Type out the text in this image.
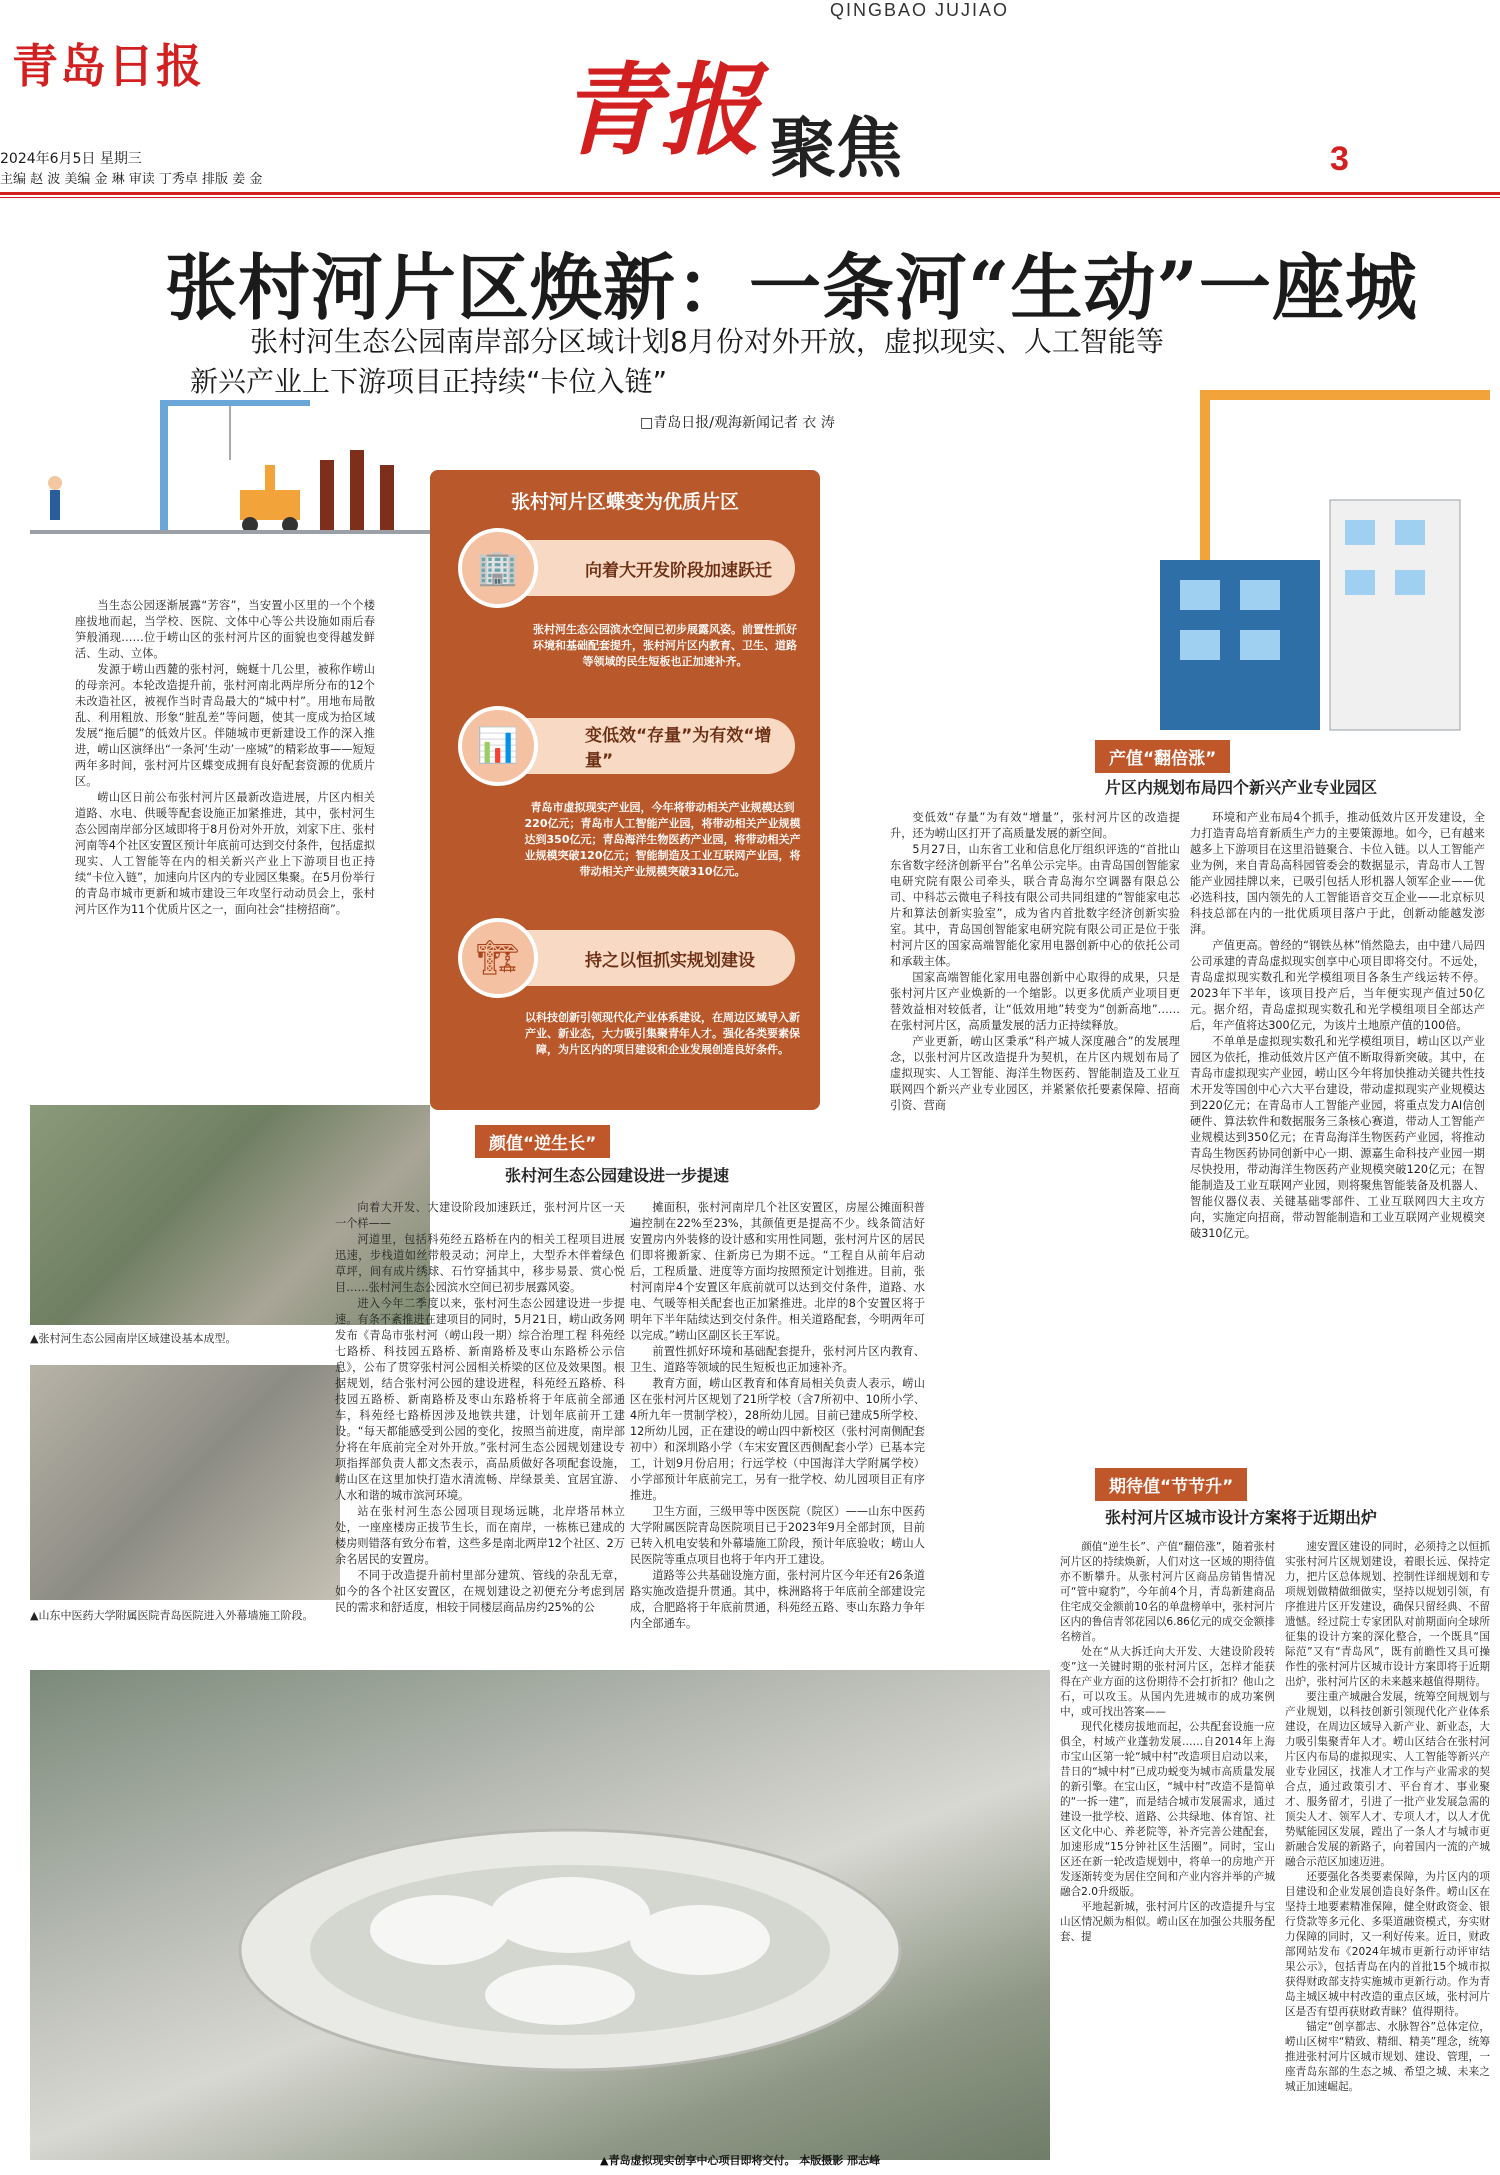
青岛日报
QINGBAO JUJIAO
青报 聚焦	3
2024年6月5日 星期三
主编 赵 波 美编 金 琳 审读 丁秀卓 排版 姜 金
张村河片区焕新：一条河“生动”一座城
张村河生态公园南岸部分区域计划8月份对外开放，虚拟现实、人工智能等
新兴产业上下游项目正持续“卡位入链”
□青岛日报/观海新闻记者 衣 涛

当生态公园逐渐展露“芳容”，当安置小区里的一个个楼座拔地而起，当学校、医院、文体中心等公共设施如雨后春笋般涌现……位于崂山区的张村河片区的面貌也变得越发鲜活、生动、立体。

发源于崂山西麓的张村河，蜿蜒十几公里，被称作崂山的母亲河。本轮改造提升前，张村河南北两岸所分布的12个未改造社区，被视作当时青岛最大的“城中村”。用地布局散乱、利用粗放、形象“脏乱差”等问题，使其一度成为拾区域发展“拖后腿”的低效片区。伴随城市更新建设工作的深入推进，崂山区演绎出“一条河‘生动’一座城”的精彩故事——短短两年多时间，张村河片区蝶变成拥有良好配套资源的优质片区。

崂山区日前公布张村河片区最新改造进展，片区内相关道路、水电、供暖等配套设施正加紧推进，其中，张村河生态公园南岸部分区域即将于8月份对外开放，刘家下庄、张村河南等4个社区安置区预计年底前可达到交付条件，包括虚拟现实、人工智能等在内的相关新兴产业上下游项目也正持续“卡位入链”，加速向片区内的专业园区集聚。在5月份举行的青岛市城市更新和城市建设三年攻坚行动动员会上，张村河片区作为11个优质片区之一，面向社会“挂榜招商”。

张村河片区蝶变为优质片区
向着大开发阶段加速跃迁
🏢
张村河生态公园滨水空间已初步展露风姿。前置性抓好环境和基础配套提升，张村河片区内教育、卫生、道路等领域的民生短板也正加速补齐。
变低效“存量”为有效“增量”
📊
青岛市虚拟现实产业园，今年将带动相关产业规模达到220亿元；青岛市人工智能产业园，将带动相关产业规模达到350亿元；青岛海洋生物医药产业园，将带动相关产业规模突破120亿元；智能制造及工业互联网产业园，将带动相关产业规模突破310亿元。
持之以恒抓实规划建设
🏗
以科技创新引领现代化产业体系建设，在周边区域导入新产业、新业态，大力吸引集聚青年人才。强化各类要素保障，为片区内的项目建设和企业发展创造良好条件。
▲张村河生态公园南岸区域建设基本成型。
▲山东中医药大学附属医院青岛医院进入外幕墙施工阶段。
▲青岛虚拟现实创享中心项目即将交付。 本版摄影 邢志峰
颜值“逆生长”
张村河生态公园建设进一步提速

向着大开发、大建设阶段加速跃迁，张村河片区一天一个样——

河道里，包括科苑经五路桥在内的相关工程项目进展迅速，步栈道如丝带般灵动；河岸上，大型乔木伴着绿色草坪，间有成片绣球、石竹穿插其中，移步易景、赏心悦目……张村河生态公园滨水空间已初步展露风姿。

进入今年二季度以来，张村河生态公园建设进一步提速。有条不紊推进在建项目的同时，5月21日，崂山政务网发布《青岛市张村河（崂山段一期）综合治理工程 科苑经七路桥、科技园五路桥、新南路桥及枣山东路桥公示信息》，公布了贯穿张村河公园相关桥梁的区位及效果图。根据规划，结合张村河公园的建设进程，科苑经五路桥、科技园五路桥、新南路桥及枣山东路桥将于年底前全部通车，科苑经七路桥因涉及地铁共建，计划年底前开工建设。“每天都能感受到公园的变化，按照当前进度，南岸部分将在年底前完全对外开放。”张村河生态公园规划建设专项指挥部负责人都文杰表示，高品质做好各项配套设施，崂山区在这里加快打造水清流畅、岸绿景美、宜居宜游、人水和谐的城市滨河环境。

站在张村河生态公园项目现场远眺，北岸塔吊林立处，一座座楼房正拔节生长，而在南岸，一栋栋已建成的楼房则错落有致分布着，这些多是南北两岸12个社区、2万余名居民的安置房。

不同于改造提升前村里部分建筑、管线的杂乱无章，如今的各个社区安置区，在规划建设之初便充分考虑到居民的需求和舒适度，相较于同楼层商品房约25%的公

摊面积，张村河南岸几个社区安置区，房屋公摊面积普遍控制在22%至23%，其颜值更是提高不少。线条简洁好安置房内外装修的设计感和实用性同题，张村河片区的居民们即将搬新家、住新房已为期不远。“工程自从前年启动后，工程质量、进度等方面均按照预定计划推进。目前，张村河南岸4个安置区年底前就可以达到交付条件，道路、水电、气暖等相关配套也正加紧推进。北岸的8个安置区将于明年下半年陆续达到交付条件。相关道路配套，今明两年可以完成。”崂山区副区长王军说。

前置性抓好环境和基础配套提升，张村河片区内教育、卫生、道路等领域的民生短板也正加速补齐。

教育方面，崂山区教育和体育局相关负责人表示，崂山区在张村河片区规划了21所学校（含7所初中、10所小学、4所九年一贯制学校），28所幼儿园。目前已建成5所学校、12所幼儿园，正在建设的崂山四中新校区（张村河南侧配套初中）和深圳路小学（车宋安置区西侧配套小学）已基本完工，计划9月份启用；行远学校（中国海洋大学附属学校）小学部预计年底前完工，另有一批学校、幼儿园项目正有序推进。

卫生方面，三级甲等中医医院（院区）——山东中医药大学附属医院青岛医院项目已于2023年9月全部封顶，目前已转入机电安装和外幕墙施工阶段，预计年底验收；崂山人民医院等重点项目也将于年内开工建设。

道路等公共基础设施方面，张村河片区今年还有26条道路实施改造提升贯通。其中，株洲路将于年底前全部建设完成，合肥路将于年底前贯通，科苑经五路、枣山东路力争年内全部通车。

产值“翻倍涨”
片区内规划布局四个新兴产业专业园区

变低效“存量”为有效“增量”，张村河片区的改造提升，还为崂山区打开了高质量发展的新空间。

5月27日，山东省工业和信息化厅组织评选的“首批山东省数字经济创新平台”名单公示完毕。由青岛国创智能家电研究院有限公司牵头，联合青岛海尔空调器有限总公司、中科芯云微电子科技有限公司共同组建的“智能家电芯片和算法创新实验室”，成为省内首批数字经济创新实验室。其中，青岛国创智能家电研究院有限公司正是位于张村河片区的国家高端智能化家用电器创新中心的依托公司和承载主体。

国家高端智能化家用电器创新中心取得的成果，只是张村河片区产业焕新的一个缩影。以更多优质产业项目更替效益相对较低者，让“低效用地”转变为“创新高地”……在张村河片区，高质量发展的活力正持续释放。

产业更新，崂山区秉承“科产城人深度融合”的发展理念，以张村河片区改造提升为契机，在片区内规划布局了虚拟现实、人工智能、海洋生物医药、智能制造及工业互联网四个新兴产业专业园区，并紧紧依托要素保障、招商引资、营商

环境和产业布局4个抓手，推动低效片区开发建设，全力打造青岛培育新质生产力的主要策源地。如今，已有越来越多上下游项目在这里沿链聚合、卡位入链。以人工智能产业为例，来自青岛高科园管委会的数据显示，青岛市人工智能产业园挂牌以来，已吸引包括人形机器人领军企业——优必选科技，国内领先的人工智能语音交互企业——北京标贝科技总部在内的一批优质项目落户于此，创新动能越发澎湃。

产值更高。曾经的“钢铁丛林”悄然隐去，由中建八局四公司承建的青岛虚拟现实创享中心项目即将交付。不远处，青岛虚拟现实数孔和光学模组项目各条生产线运转不停。2023年下半年，该项目投产后，当年便实现产值过50亿元。据介绍，青岛虚拟现实数孔和光学模组项目全部达产后，年产值将达300亿元，为该片土地原产值的100倍。

不单单是虚拟现实数孔和光学模组项目，崂山区以产业园区为依托，推动低效片区产值不断取得新突破。其中，在青岛市虚拟现实产业园，崂山区今年将加快推动关键共性技术开发等国创中心六大平台建设，带动虚拟现实产业规模达到220亿元；在青岛市人工智能产业园，将重点发力AI信创硬件、算法软件和数据服务三条核心赛道，带动人工智能产业规模达到350亿元；在青岛海洋生物医药产业园，将推动青岛生物医药协同创新中心一期、源嘉生命科技产业园一期尽快投用，带动海洋生物医药产业规模突破120亿元；在智能制造及工业互联网产业园，则将聚焦智能装备及机器人、智能仪器仪表、关键基础零部件、工业互联网四大主攻方向，实施定向招商，带动智能制造和工业互联网产业规模突破310亿元。

期待值“节节升”
张村河片区城市设计方案将于近期出炉

颜值“逆生长”、产值“翻倍涨”，随着张村河片区的持续焕新，人们对这一区域的期待值亦不断攀升。从张村河片区商品房销售情况可“管中窥豹”，今年前4个月，青岛新建商品住宅成交金额前10名的单盘榜单中，张村河片区内的鲁信青邻花园以6.86亿元的成交金额排名榜首。

处在“从大拆迁向大开发、大建设阶段转变”这一关键时期的张村河片区，怎样才能获得在产业方面的这份期待不会打折扣？他山之石，可以攻玉。从国内先进城市的成功案例中，或可找出答案——

现代化楼房拔地而起，公共配套设施一应俱全，村域产业蓬勃发展……自2014年上海市宝山区第一轮“城中村”改造项目启动以来，昔日的“城中村”已成功蜕变为城市高质量发展的新引擎。在宝山区，“城中村”改造不是简单的“一拆一建”，而是结合城市发展需求，通过建设一批学校、道路、公共绿地、体育馆、社区文化中心、养老院等，补齐完善公建配套，加速形成“15分钟社区生活圈”。同时，宝山区还在新一轮改造规划中，将单一的房地产开发逐渐转变为居住空间和产业内容并举的产城融合2.0升级版。

平地起新城，张村河片区的改造提升与宝山区情况颇为相似。崂山区在加强公共服务配套、提

速安置区建设的同时，必须持之以恒抓实张村河片区规划建设，着眼长远、保持定力，把片区总体规划、控制性详细规划和专项规划做精做细做实，坚持以规划引领，有序推进片区开发建设，确保只留经典、不留遗憾。经过院士专家团队对前期面向全球所征集的设计方案的深化整合，一个既具“国际范”又有“青岛风”，既有前瞻性又具可操作性的张村河片区城市设计方案即将于近期出炉，张村河片区的未来越来越值得期待。

要注重产城融合发展，统筹空间规划与产业规划，以科技创新引领现代化产业体系建设，在周边区域导入新产业、新业态，大力吸引集聚青年人才。崂山区结合在张村河片区内布局的虚拟现实、人工智能等新兴产业专业园区，找准人才工作与产业需求的契合点，通过政策引才、平台育才、事业聚才、服务留才，引进了一批产业发展急需的顶尖人才、领军人才、专项人才，以人才优势赋能园区发展，蹚出了一条人才与城市更新融合发展的新路子，向着国内一流的产城融合示范区加速迈进。

还要强化各类要素保障，为片区内的项目建设和企业发展创造良好条件。崂山区在坚持土地要素精准保障，健全财政资金、银行贷款等多元化、多渠道融资模式，夯实财力保障的同时，又一利好传来。近日，财政部网站发布《2024年城市更新行动评审结果公示》，包括青岛在内的首批15个城市拟获得财政部支持实施城市更新行动。作为青岛主城区城中村改造的重点区域，张村河片区是否有望再获财政青睐？值得期待。

锚定“创享都志、水脉智谷”总体定位，崂山区树牢“精致、精细、精美”理念，统筹推进张村河片区城市规划、建设、管理，一座青岛东部的生态之城、希望之城、未来之城正加速崛起。
